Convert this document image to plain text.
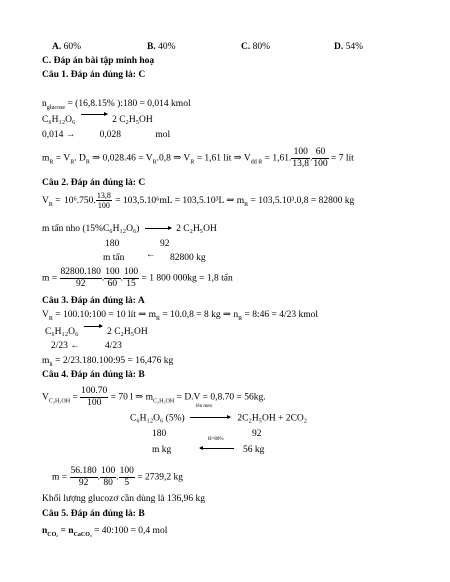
A. 60%	B. 40%	C. 80%	D. 54%
C. Đáp án bài tập minh hoạ
Câu 1. Đáp án đúng là: C
$n_{glucose} = (16,8.15\%$ ):180 = 0,014 kmol
C₆H₁₂O₆	2 C₂H₅OH
0,014 →	0,028	mol
$m_R = V_R$. $D_R$ ⇒ $0,028.46 = V_R.0,8$ ⇒ $V_R = 1,61$ lít ⇒ $V_{dd R} = 1,61$. $\frac{100}{13,8}$ . $\frac{60}{100} = 7$ lít
Câu 2. Đáp án đúng là: C
$V_R = 10^6.750$. $\frac{13,8}{100} = 103,5.10^6mL = 103,5.10^3L$ ⇒ $m_R = 103,5.10^3.0,8 = 82800$ kg
m tấn nho (15%C₆H₁₂O₆) → 2 C₂H₅OH
180	92
m tấn ← 82800 kg
$m = \frac{82800.180}{92}$ . $\frac{100}{60}$ . $\frac{100}{15} = 1$ 800 000kg = 1,8 tấn
Câu 3. Đáp án đúng là: A
$V_R$ = 100.10:100 = 10 lít ⇒ $m_R = 10.0,8 = 8$ kg ⇒ $n_R$ = 8:46 = 4/23 kmol
C₆H₁₂O₆	2 C₂H₅OH
2/23 ←	4/23
$m_{lt}$ = 2/23.180.100:95 = 16,476 kg
Câu 4. Đáp án đúng là: B
$V_{C_2H_5OH} = \frac{100.70}{100} = 70$ l ⇒ $m_{C_2H_5OH} = D.V = 0,8.70 = 56kg$.
C₆H₁₂O₆ (5%)
lên men
2C₂H₅OH + 2CO₂
180	92
m kg
H=80%
56 kg
$m = \frac{56.180}{92}$ . $\frac{100}{80}$ . $\frac{100}{5} = 2739,2$ kg
Khối lượng glucozơ cần dùng là 136,96 kg
Câu 5. Đáp án đúng là: B
$n_{CO_2} = n_{CaCO_3}$ = 40:100 = 0,4 mol
